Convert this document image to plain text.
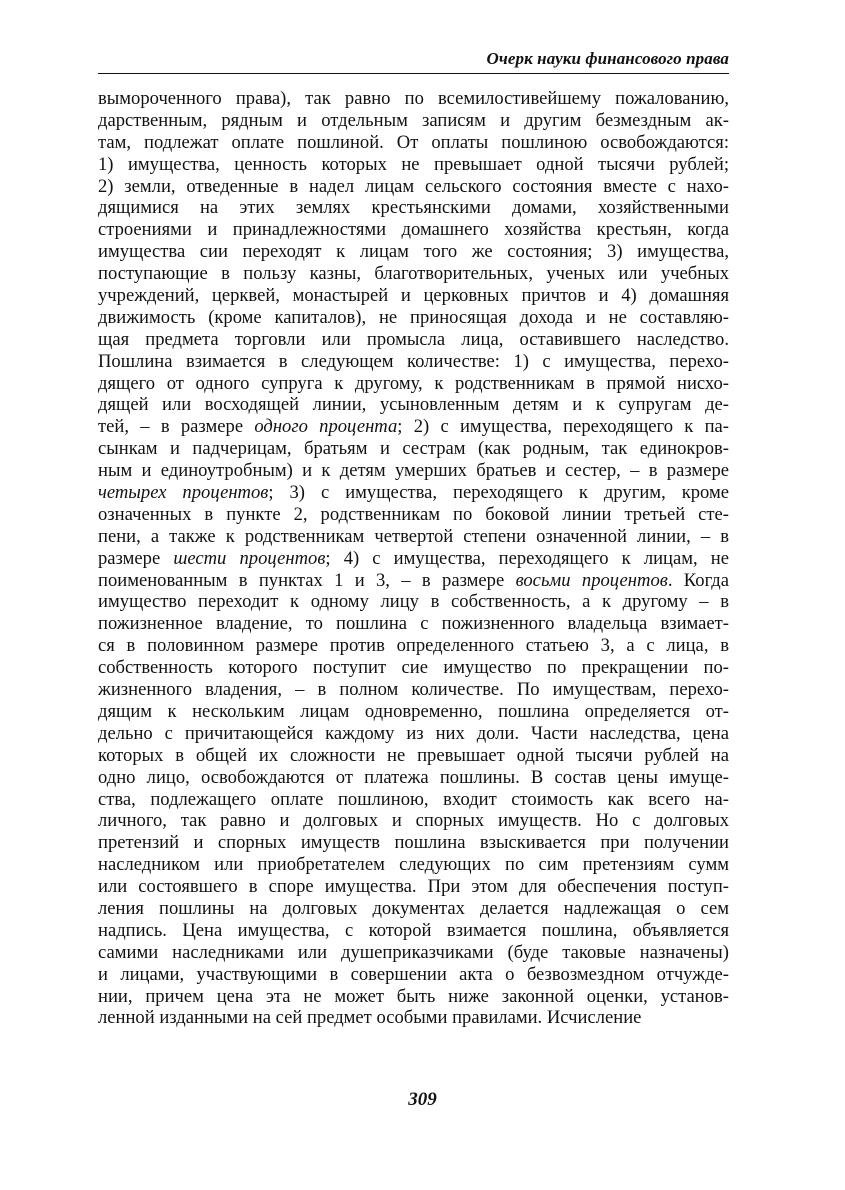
Очерк науки финансового права
вымороченного права), так равно по всемилостивейшему пожалованию,
дарственным, рядным и отдельным записям и другим безмездным ак-
там, подлежат оплате пошлиной. От оплаты пошлиною освобождаются:
1) имущества, ценность которых не превышает одной тысячи рублей;
2) земли, отведенные в надел лицам сельского состояния вместе с нахо-
дящимися на этих землях крестьянскими домами, хозяйственными
строениями и принадлежностями домашнего хозяйства крестьян, когда
имущества сии переходят к лицам того же состояния; 3) имущества,
поступающие в пользу казны, благотворительных, ученых или учебных
учреждений, церквей, монастырей и церковных причтов и 4) домашняя
движимость (кроме капиталов), не приносящая дохода и не составляю-
щая предмета торговли или промысла лица, оставившего наследство.
Пошлина взимается в следующем количестве: 1) с имущества, перехо-
дящего от одного супруга к другому, к родственникам в прямой нисхо-
дящей или восходящей линии, усыновленным детям и к супругам де-
тей, – в размере одного процента; 2) с имущества, переходящего к па-
сынкам и падчерицам, братьям и сестрам (как родным, так единокров-
ным и единоутробным) и к детям умерших братьев и сестер, – в размере
четырех процентов; 3) с имущества, переходящего к другим, кроме
означенных в пункте 2, родственникам по боковой линии третьей сте-
пени, а также к родственникам четвертой степени означенной линии, – в
размере шести процентов; 4) с имущества, переходящего к лицам, не
поименованным в пунктах 1 и 3, – в размере восьми процентов. Когда
имущество переходит к одному лицу в собственность, а к другому – в
пожизненное владение, то пошлина с пожизненного владельца взимает-
ся в половинном размере против определенного статьею 3, а с лица, в
собственность которого поступит сие имущество по прекращении по-
жизненного владения, – в полном количестве. По имуществам, перехо-
дящим к нескольким лицам одновременно, пошлина определяется от-
дельно с причитающейся каждому из них доли. Части наследства, цена
которых в общей их сложности не превышает одной тысячи рублей на
одно лицо, освобождаются от платежа пошлины. В состав цены имуще-
ства, подлежащего оплате пошлиною, входит стоимость как всего на-
личного, так равно и долговых и спорных имуществ. Но с долговых
претензий и спорных имуществ пошлина взыскивается при получении
наследником или приобретателем следующих по сим претензиям сумм
или состоявшего в споре имущества. При этом для обеспечения поступ-
ления пошлины на долговых документах делается надлежащая о сем
надпись. Цена имущества, с которой взимается пошлина, объявляется
самими наследниками или душеприказчиками (буде таковые назначены)
и лицами, участвующими в совершении акта о безвозмездном отчужде-
нии, причем цена эта не может быть ниже законной оценки, установ-
ленной изданными на сей предмет особыми правилами. Исчисление
309
